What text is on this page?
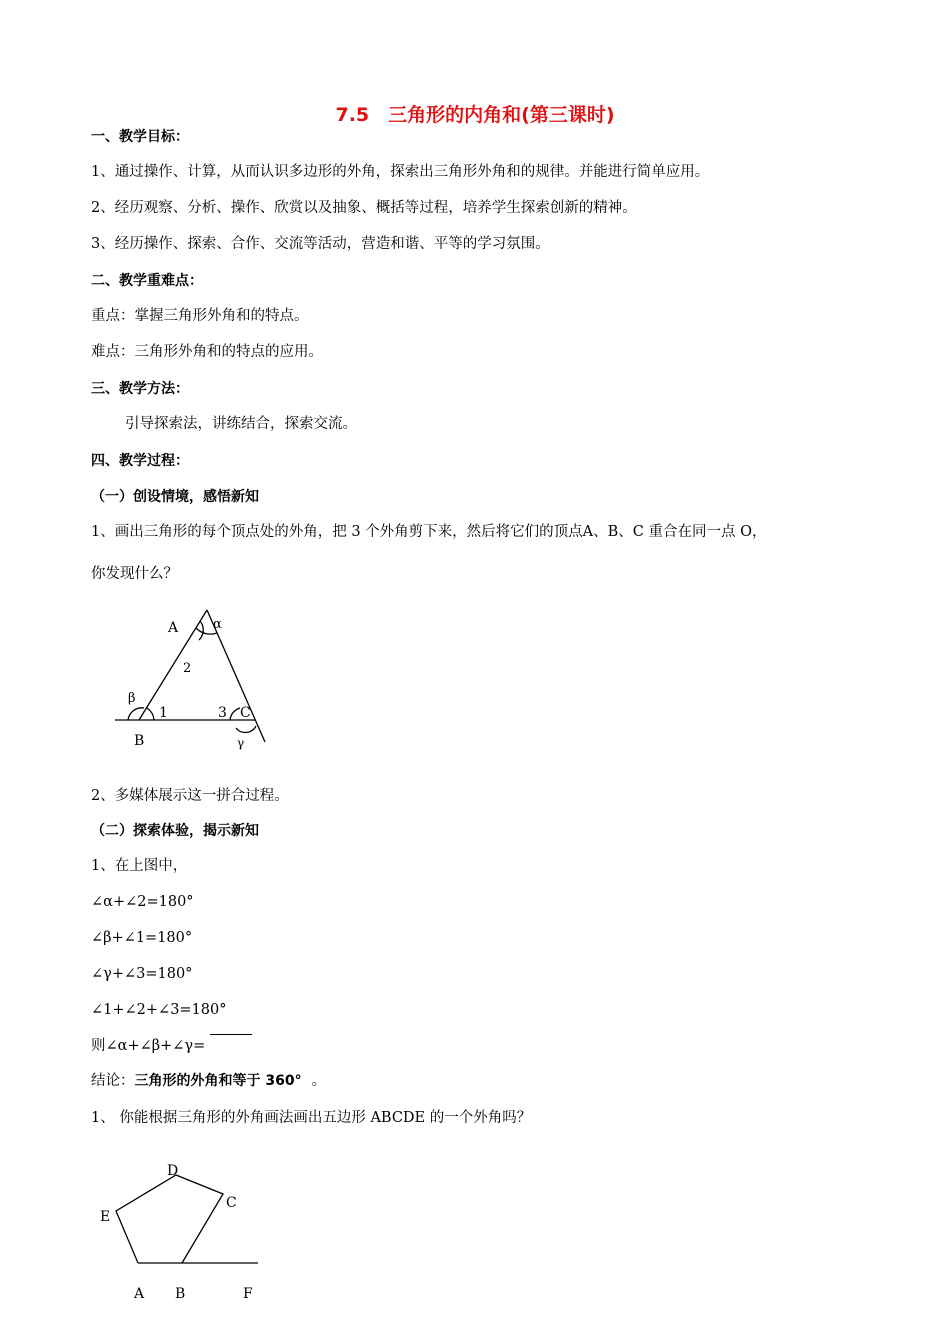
7.5　三角形的内角和(第三课时)
一、教学目标：
1、通过操作、计算，从而认识多边形的外角，探索出三角形外角和的规律。并能进行简单应用。
2、经历观察、分析、操作、欣赏以及抽象、概括等过程，培养学生探索创新的精神。
3、经历操作、探索、合作、交流等活动，营造和谐、平等的学习氛围。
二、教学重难点：
重点：掌握三角形外角和的特点。
难点：三角形外角和的特点的应用。
三、教学方法：
引导探索法，讲练结合，探索交流。
四、教学过程：
（一）创设情境，感悟新知
1、画出三角形的每个顶点处的外角，把 3 个外角剪下来，然后将它们的顶点A、B、C 重合在同一点 O，
你发现什么？
A	α
2
β
1	3 C
B	γ
2、多媒体展示这一拼合过程。
（二）探索体验，揭示新知
1、在上图中，
∠α+∠2=180°
∠β+∠1=180°
∠γ+∠3=180°
∠1+∠2+∠3=180°
则∠α+∠β+∠γ=
结论：三角形的外角和等于 360° 。
1、 你能根据三角形的外角画法画出五边形 ABCDE 的一个外角吗？
D
C
E
A B	F
